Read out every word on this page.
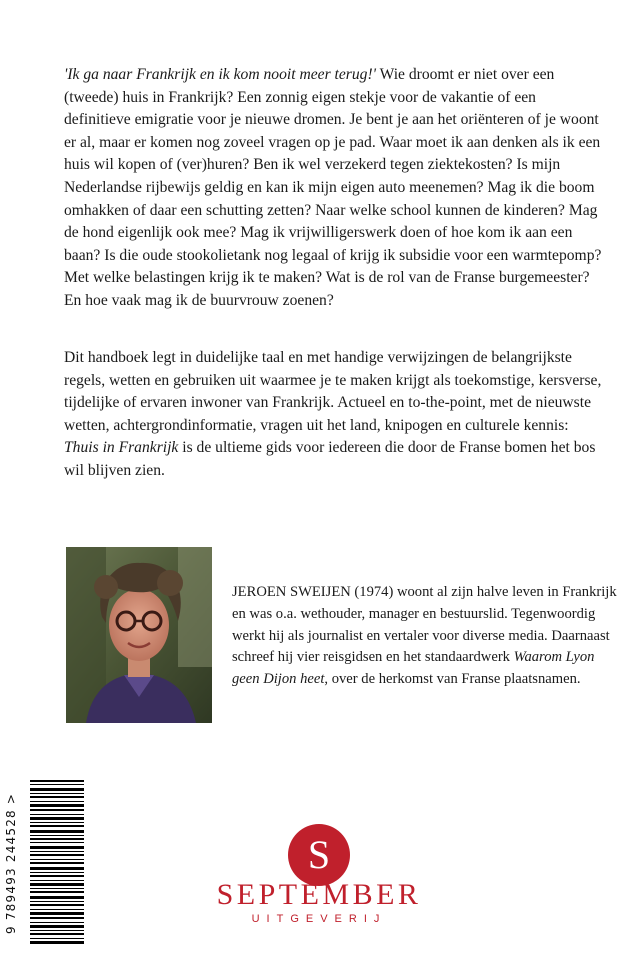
'Ik ga naar Frankrijk en ik kom nooit meer terug!' Wie droomt er niet over een (tweede) huis in Frankrijk? Een zonnig eigen stekje voor de vakantie of een definitieve emigratie voor je nieuwe dromen. Je bent je aan het oriënteren of je woont er al, maar er komen nog zoveel vragen op je pad. Waar moet ik aan denken als ik een huis wil kopen of (ver)huren? Ben ik wel verzekerd tegen ziektekosten? Is mijn Nederlandse rijbewijs geldig en kan ik mijn eigen auto meenemen? Mag ik die boom omhakken of daar een schutting zetten? Naar welke school kunnen de kinderen? Mag de hond eigenlijk ook mee? Mag ik vrijwilligerswerk doen of hoe kom ik aan een baan? Is die oude stookolietank nog legaal of krijg ik subsidie voor een warmtepomp? Met welke belastingen krijg ik te maken? Wat is de rol van de Franse burgemeester? En hoe vaak mag ik de buurvrouw zoenen?

Dit handboek legt in duidelijke taal en met handige verwijzingen de belangrijkste regels, wetten en gebruiken uit waarmee je te maken krijgt als toekomstige, kersverse, tijdelijke of ervaren inwoner van Frankrijk. Actueel en to-the-point, met de nieuwste wetten, achtergrondinformatie, vragen uit het land, knipogen en culturele kennis: Thuis in Frankrijk is de ultieme gids voor iedereen die door de Franse bomen het bos wil blijven zien.

JEROEN SWEIJEN (1974) woont al zijn halve leven in Frankrijk en was o.a. wethouder, manager en bestuurslid. Tegenwoordig werkt hij als journalist en vertaler voor diverse media. Daarnaast schreef hij vier reisgidsen en het standaardwerk Waarom Lyon geen Dijon heet, over de herkomst van Franse plaatsnamen.

9 789493 244528 >	S
SEPTEMBER
UITGEVERIJ
